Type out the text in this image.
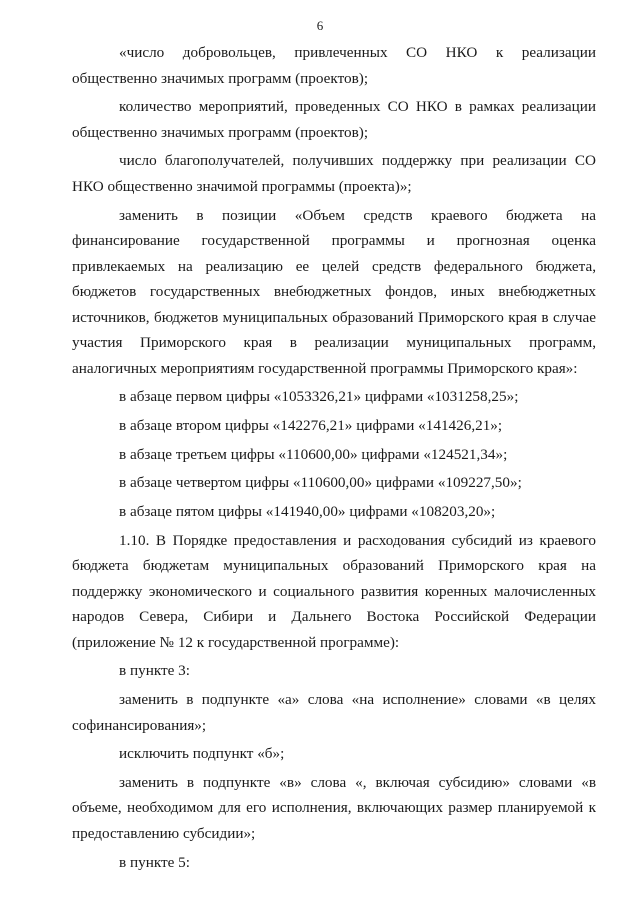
6

«число добровольцев, привлеченных СО НКО к реализации общественно значимых программ (проектов);

количество мероприятий, проведенных СО НКО в рамках реализации общественно значимых программ (проектов);

число благополучателей, получивших поддержку при реализации СО НКО общественно значимой программы (проекта)»;

заменить в позиции «Объем средств краевого бюджета на финансирование государственной программы и прогнозная оценка привлекаемых на реализацию ее целей средств федерального бюджета, бюджетов государственных внебюджетных фондов, иных внебюджетных источников, бюджетов муниципальных образований Приморского края в случае участия Приморского края в реализации муниципальных программ, аналогичных мероприятиям государственной программы Приморского края»:

в абзаце первом цифры «1053326,21» цифрами «1031258,25»;

в абзаце втором цифры «142276,21» цифрами «141426,21»;

в абзаце третьем цифры «110600,00» цифрами «124521,34»;

в абзаце четвертом цифры «110600,00» цифрами «109227,50»;

в абзаце пятом цифры «141940,00» цифрами «108203,20»;

1.10. В Порядке предоставления и расходования субсидий из краевого бюджета бюджетам муниципальных образований Приморского края на поддержку экономического и социального развития коренных малочисленных народов Севера, Сибири и Дальнего Востока Российской Федерации (приложение № 12 к государственной программе):

в пункте 3:

заменить в подпункте «а» слова «на исполнение» словами «в целях софинансирования»;

исключить подпункт «б»;

заменить в подпункте «в» слова «, включая субсидию» словами «в объеме, необходимом для его исполнения, включающих размер планируемой к предоставлению субсидии»;

в пункте 5:
